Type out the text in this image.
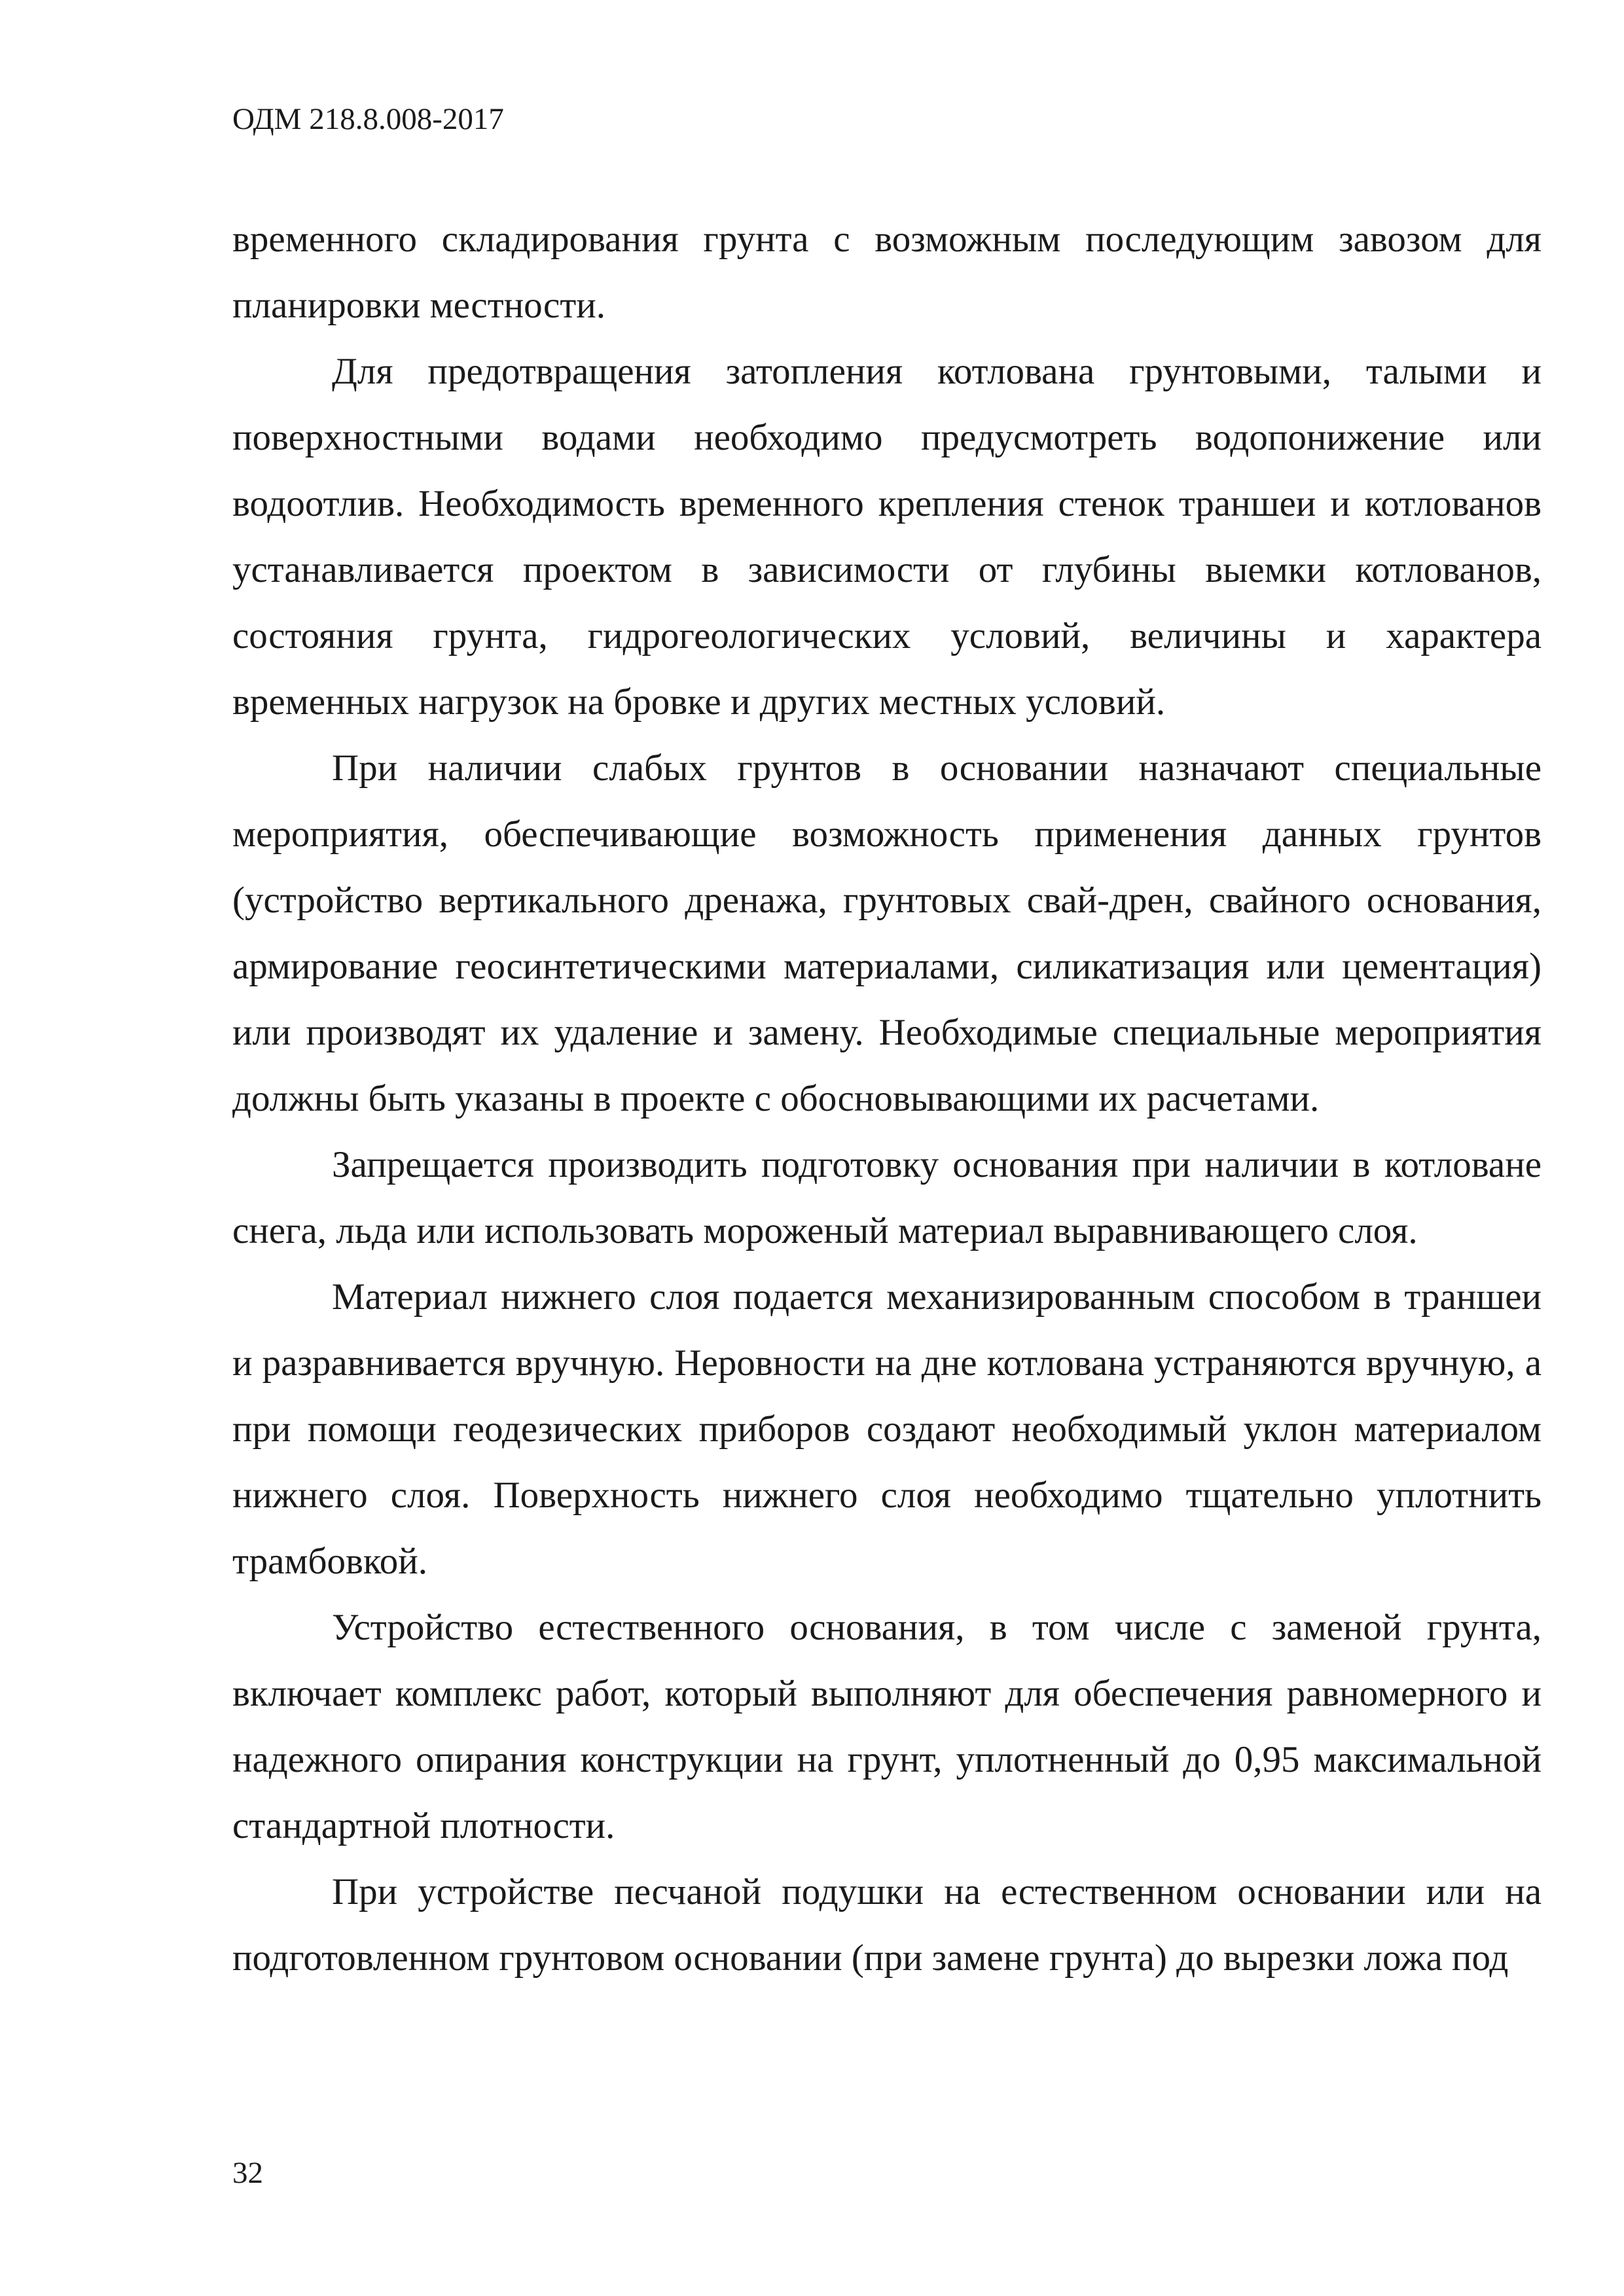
ОДМ 218.8.008-2017

временного складирования грунта с возможным последующим завозом для планировки местности.

Для предотвращения затопления котлована грунтовыми, талыми и поверхностными водами необходимо предусмотреть водопонижение или водоотлив. Необходимость временного крепления стенок траншеи и котлованов устанавливается проектом в зависимости от глубины выемки котлованов, состояния грунта, гидрогеологических условий, величины и характера временных нагрузок на бровке и других местных условий.

При наличии слабых грунтов в основании назначают специальные мероприятия, обеспечивающие возможность применения данных грунтов (устройство вертикального дренажа, грунтовых свай-дрен, свайного основания, армирование геосинтетическими материалами, силикатизация или цементация) или производят их удаление и замену. Необходимые специальные мероприятия должны быть указаны в проекте с обосновывающими их расчетами.

Запрещается производить подготовку основания при наличии в котловане снега, льда или использовать мороженый материал выравнивающего слоя.

Материал нижнего слоя подается механизированным способом в траншеи и разравнивается вручную. Неровности на дне котлована устраняются вручную, а при помощи геодезических приборов создают необходимый уклон материалом нижнего слоя. Поверхность нижнего слоя необходимо тщательно уплотнить трамбовкой.

Устройство естественного основания, в том числе с заменой грунта, включает комплекс работ, который выполняют для обеспечения равномерного и надежного опирания конструкции на грунт, уплотненный до 0,95 максимальной стандартной плотности.

При устройстве песчаной подушки на естественном основании или на подготовленном грунтовом основании (при замене грунта) до вырезки ложа под

32
